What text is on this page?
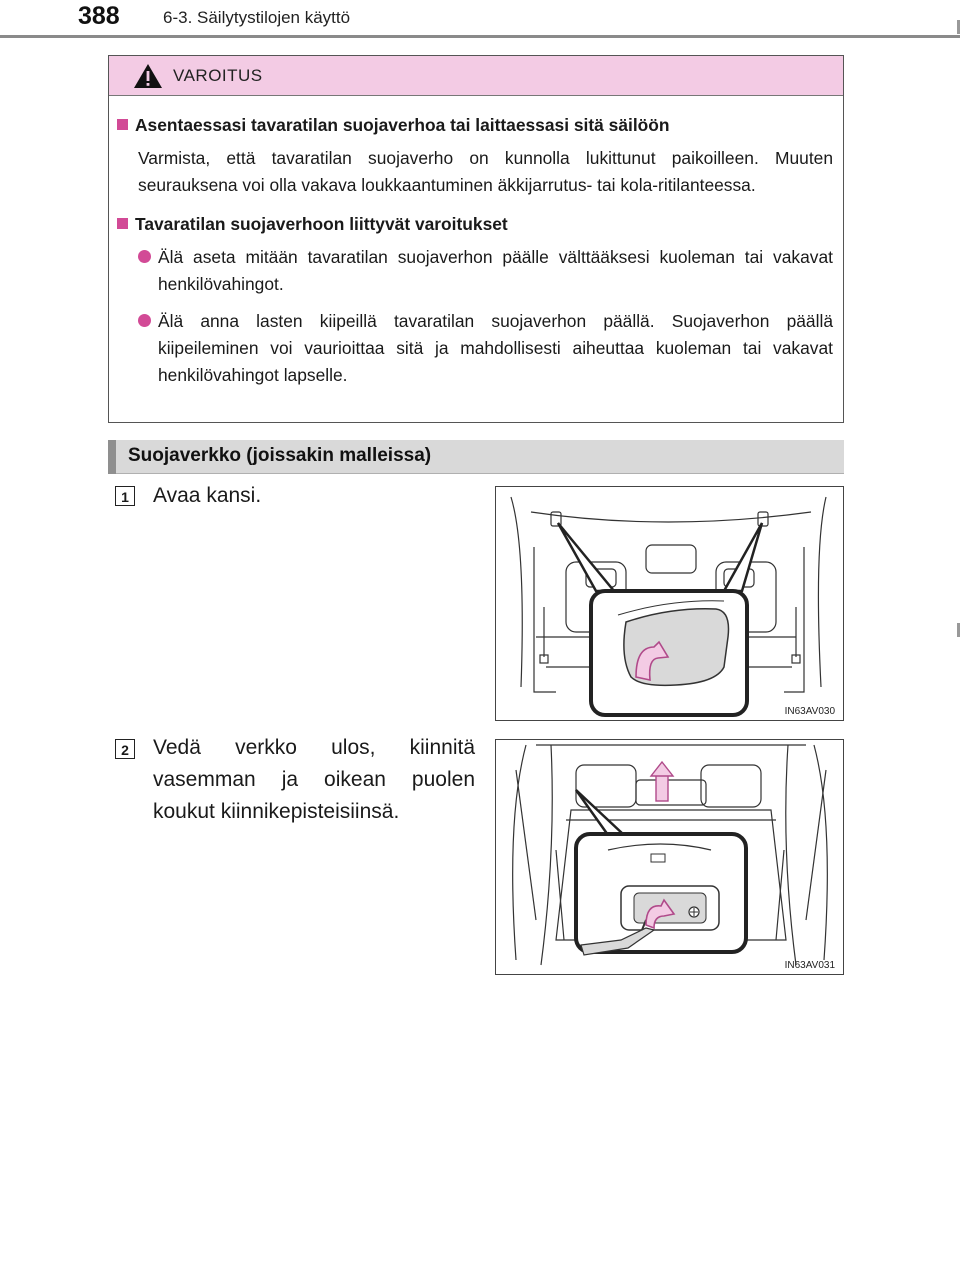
388	6-3. Säilytystilojen käyttö
VAROITUS
Asentaessasi tavaratilan suojaverhoa tai laittaessasi sitä säilöön
Varmista, että tavaratilan suojaverho on kunnolla lukittunut paikoilleen. Muuten seurauksena voi olla vakava loukkaantuminen äkkijarrutus- tai kola-ritilanteessa.
Tavaratilan suojaverhoon liittyvät varoitukset
Älä aseta mitään tavaratilan suojaverhon päälle välttääksesi kuoleman tai vakavat henkilövahingot.
Älä anna lasten kiipeillä tavaratilan suojaverhon päällä. Suojaverhon päällä kiipeileminen voi vaurioittaa sitä ja mahdollisesti aiheuttaa kuoleman tai vakavat henkilövahingot lapselle.
Suojaverkko (joissakin malleissa)
1 Avaa kansi.
IN63AV030
2 Vedä verkko ulos, kiinnitä vasemman ja oikean puolen koukut kiinnikepisteisiinsä.
IN63AV031
